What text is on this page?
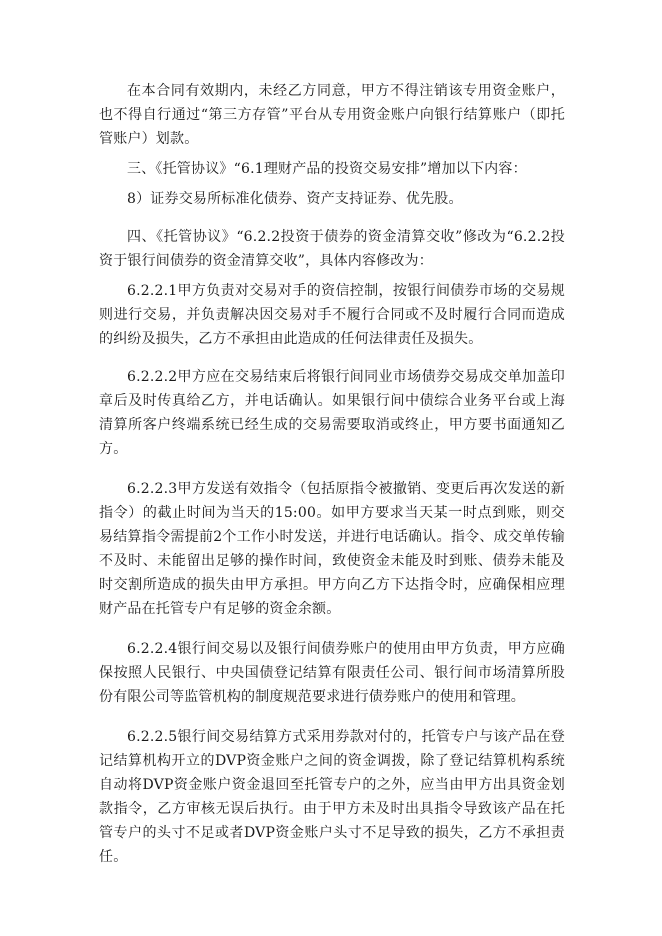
在本合同有效期内，未经乙方同意，甲方不得注销该专用资金账户，也不得自行通过“第三方存管”平台从专用资金账户向银行结算账户（即托管账户）划款。

三、《托管协议》“6.1理财产品的投资交易安排”增加以下内容：

8）证券交易所标准化债券、资产支持证券、优先股。

四、《托管协议》“6.2.2投资于债券的资金清算交收”修改为“6.2.2投资于银行间债券的资金清算交收”，具体内容修改为：

6.2.2.1甲方负责对交易对手的资信控制，按银行间债券市场的交易规则进行交易，并负责解决因交易对手不履行合同或不及时履行合同而造成的纠纷及损失，乙方不承担由此造成的任何法律责任及损失。

6.2.2.2甲方应在交易结束后将银行间同业市场债券交易成交单加盖印章后及时传真给乙方，并电话确认。如果银行间中债综合业务平台或上海清算所客户终端系统已经生成的交易需要取消或终止，甲方要书面通知乙方。

6.2.2.3甲方发送有效指令（包括原指令被撤销、变更后再次发送的新指令）的截止时间为当天的15:00。如甲方要求当天某一时点到账，则交易结算指令需提前2个工作小时发送，并进行电话确认。指令、成交单传输不及时、未能留出足够的操作时间，致使资金未能及时到账、债券未能及时交割所造成的损失由甲方承担。甲方向乙方下达指令时，应确保相应理财产品在托管专户有足够的资金余额。

6.2.2.4银行间交易以及银行间债券账户的使用由甲方负责，甲方应确保按照人民银行、中央国债登记结算有限责任公司、银行间市场清算所股份有限公司等监管机构的制度规范要求进行债券账户的使用和管理。

6.2.2.5银行间交易结算方式采用券款对付的，托管专户与该产品在登记结算机构开立的DVP资金账户之间的资金调拨，除了登记结算机构系统自动将DVP资金账户资金退回至托管专户的之外，应当由甲方出具资金划款指令，乙方审核无误后执行。由于甲方未及时出具指令导致该产品在托管专户的头寸不足或者DVP资金账户头寸不足导致的损失，乙方不承担责任。
